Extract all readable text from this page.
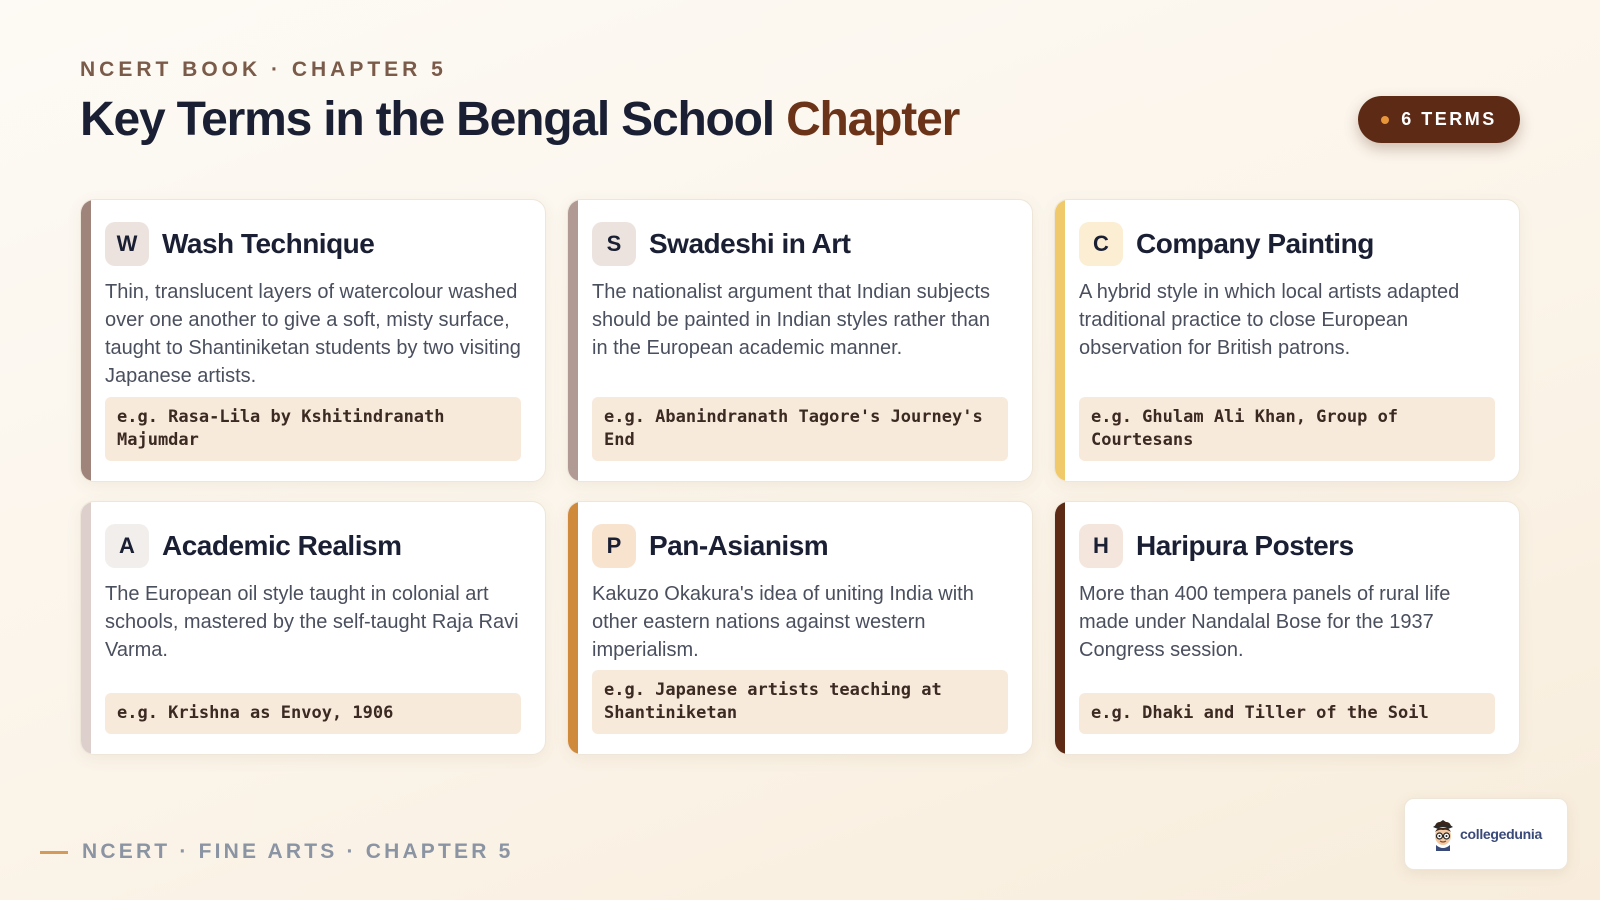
NCERT BOOK · CHAPTER 5
Key Terms in the Bengal School Chapter	6 TERMS
W Wash Technique

Thin, translucent layers of watercolour washed over one another to give a soft, misty surface, taught to Shantiniketan students by two visiting Japanese artists.

e.g. Rasa-Lila by Kshitindranath Majumdar
S Swadeshi in Art

The nationalist argument that Indian subjects should be painted in Indian styles rather than in the European academic manner.

e.g. Abanindranath Tagore's Journey's End
C Company Painting

A hybrid style in which local artists adapted traditional practice to close European observation for British patrons.

e.g. Ghulam Ali Khan, Group of Courtesans
A Academic Realism

The European oil style taught in colonial art schools, mastered by the self-taught Raja Ravi Varma.

e.g. Krishna as Envoy, 1906
P Pan-Asianism

Kakuzo Okakura's idea of uniting India with other eastern nations against western imperialism.

e.g. Japanese artists teaching at Shantiniketan
H Haripura Posters

More than 400 tempera panels of rural life made under Nandalal Bose for the 1937 Congress session.

e.g. Dhaki and Tiller of the Soil
NCERT · FINE ARTS · CHAPTER 5
collegedunia
